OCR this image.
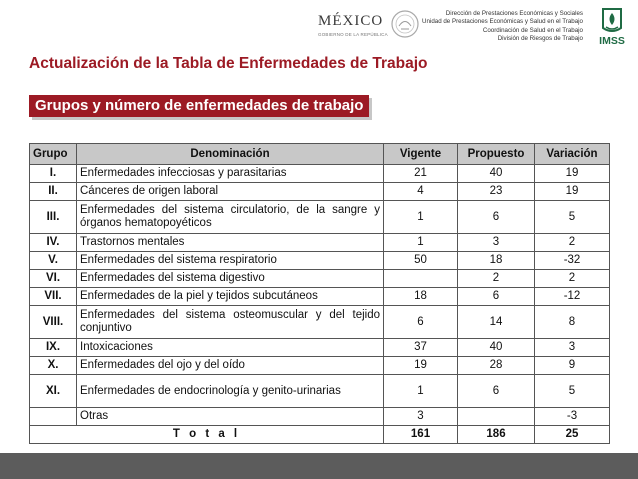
MÉXICO
GOBIERNO DE LA REPÚBLICA
Dirección de Prestaciones Económicas y Sociales
Unidad de Prestaciones Económicas y Salud en el Trabajo
Coordinación de Salud en el Trabajo
División de Riesgos de Trabajo IMSS
Actualización de la Tabla de Enfermedades de Trabajo
Grupos y número de enfermedades de trabajo
Grupo	Denominación	Vigente	Propuesto	Variación
I.	Enfermedades infecciosas y parasitarias	21	40	19
II.	Cánceres de origen laboral	4	23	19
III.	Enfermedades del sistema circulatorio, de la sangre y órganos hematopoyéticos	1	6	5
IV.	Trastornos mentales	1	3	2
V.	Enfermedades del sistema respiratorio	50	18	-32
VI.	Enfermedades del sistema digestivo		2	2
VII.	Enfermedades de la piel y tejidos subcutáneos	18	6	-12
VIII.	Enfermedades del sistema osteomuscular y del tejido conjuntivo	6	14	8
IX.	Intoxicaciones	37	40	3
X.	Enfermedades del ojo y del oído	19	28	9
XI.	Enfermedades de endocrinología y genito-urinarias	1	6	5
	Otras	3		-3
T o t a l		161	186	25
